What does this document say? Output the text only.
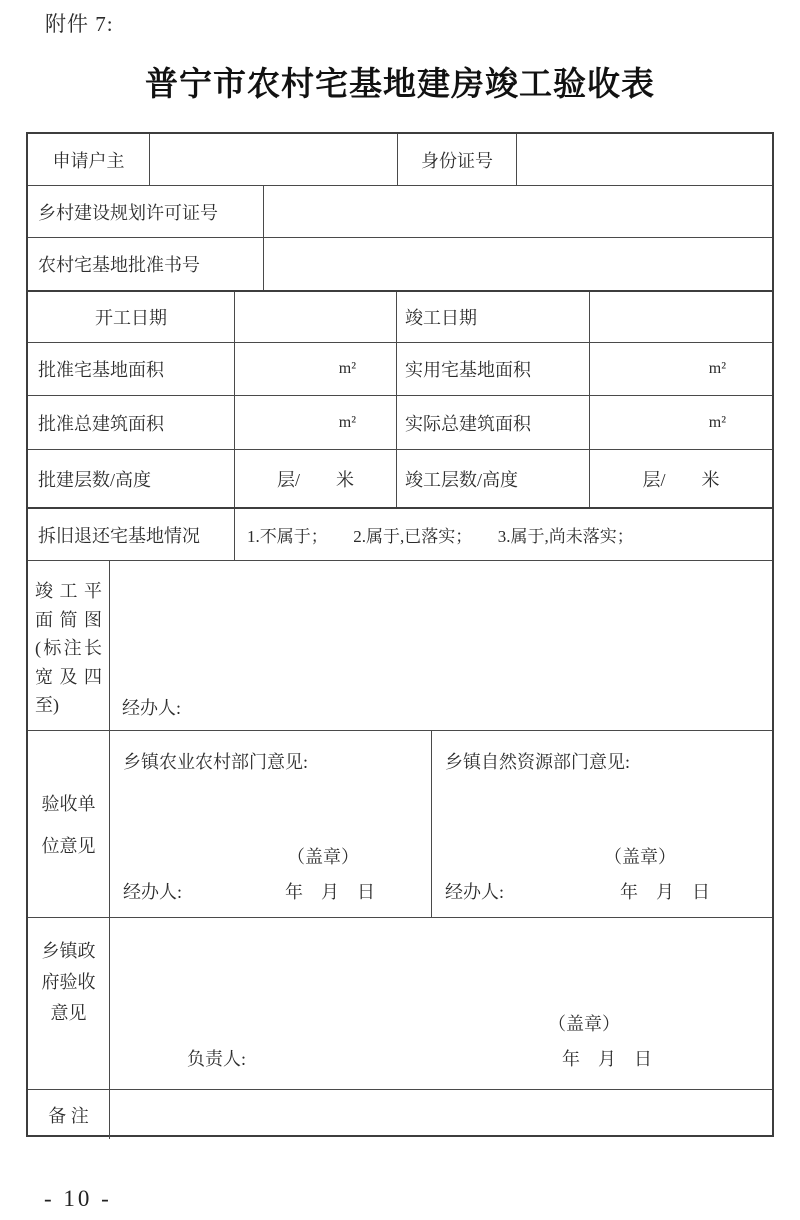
附件 7:
普宁市农村宅基地建房竣工验收表
申请户主	身份证号
乡村建设规划许可证号
农村宅基地批准书号
开工日期	竣工日期
批准宅基地面积	m²	实用宅基地面积	m²
批准总建筑面积	m²	实际总建筑面积	m²
批建层数/高度	层/　　米	竣工层数/高度	层/　　米
拆旧退还宅基地情况	1.不属于；　　2.属于,已落实；　　3.属于,尚未落实；
竣 工 平
面 简 图
(标注长
宽 及 四
至)	经办人:
验收单
位意见
乡镇农业农村部门意见:
（盖章）
经办人:	年　月　日
乡镇自然资源部门意见:
（盖章）
经办人:	年　月　日
乡镇政
府验收
意见
（盖章）
负责人:	年　月　日
备 注
- 10 -
